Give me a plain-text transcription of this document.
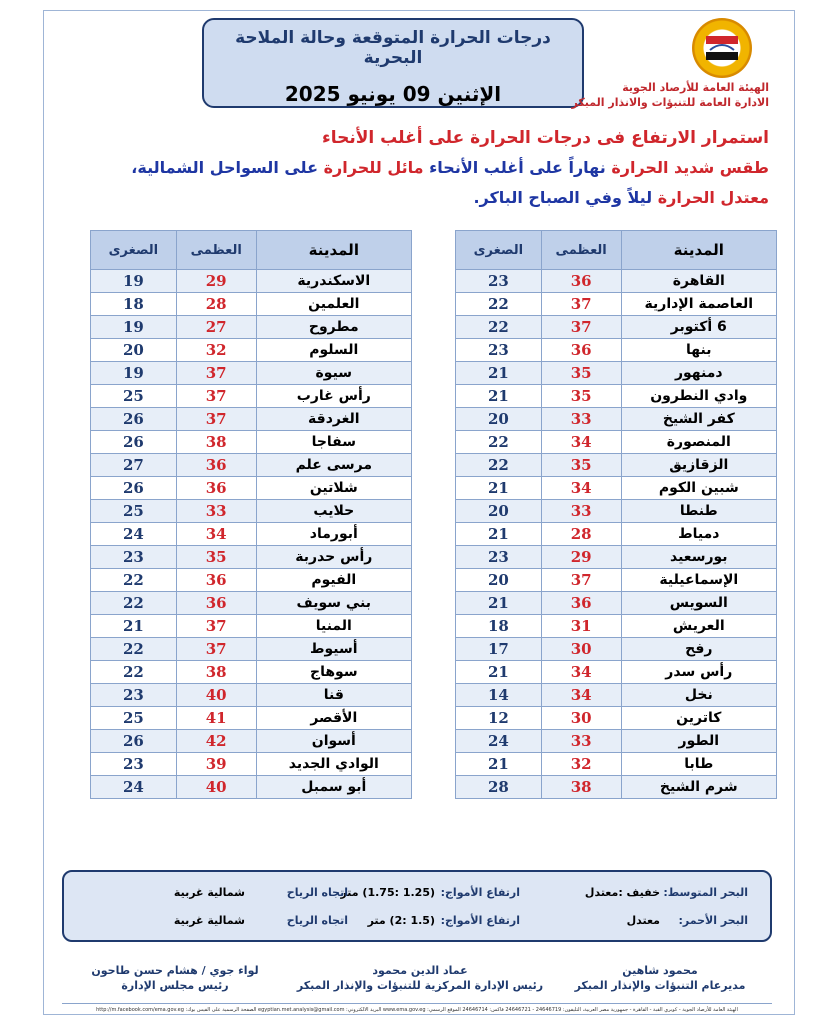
درجات الحرارة المتوقعة وحالة الملاحة البحرية
الإثنين 09 يونيو 2025	الهيئة العامة للأرصاد الجوية
الادارة العامة للتنبؤات والانذار المبكر
استمرار الارتفاع فى درجات الحرارة على أغلب الأنحاء
طقس شديد الحرارة نهاراً على أغلب الأنحاء مائل للحرارة على السواحل الشمالية،
معتدل الحرارة ليلاً وفي الصباح الباكر.
المدينة	العظمى	الصغرى
القاهرة	36	23
العاصمة الإدارية	37	22
6 أكتوبر	37	22
بنها	36	23
دمنهور	35	21
وادي النطرون	35	21
كفر الشيخ	33	20
المنصورة	34	22
الزقازيق	35	22
شبين الكوم	34	21
طنطا	33	20
دمياط	28	21
بورسعيد	29	23
الإسماعيلية	37	20
السويس	36	21
العريش	31	18
رفح	30	17
رأس سدر	34	21
نخل	34	14
كاترين	30	12
الطور	33	24
طابا	32	21
شرم الشيخ	38	28
المدينة	العظمى	الصغرى
الاسكندرية	29	19
العلمين	28	18
مطروح	27	19
السلوم	32	20
سيوة	37	19
رأس غارب	37	25
الغردقة	37	26
سفاجا	38	26
مرسى علم	36	27
شلاتين	36	26
حلايب	33	25
أبورماد	34	24
رأس حدربة	35	23
الفيوم	36	22
بني سويف	36	22
المنيا	37	21
أسيوط	37	22
سوهاج	38	22
قنا	40	23
الأقصر	41	25
أسوان	42	26
الوادي الجديد	39	23
أبو سمبل	40	24
البحر المتوسط:
خفيف :معتدل
ارتفاع الأمواج:
(1.25 :1.75) متر
اتجاه الرياح
شمالية غربية
البحر الأحمر:
معتدل
ارتفاع الأمواج:
(1.5 :2) متر
اتجاه الرياح
شمالية غربية
محمود شاهين
مديرعام التنبؤات والإنذار المبكر
عماد الدين محمود
رئيس الإدارة المركزية للتنبؤات والإنذار المبكر
لواء جوي / هشام حسن طاحون
رئيس مجلس الإدارة
الهيئة العامة للأرصاد الجوية - كوبري القبة - القاهرة - جمهورية مصر العربية، التليفون: 24646719 - 24646721 فاكس: 24646714 الموقع الرسمي: www.ema.gov.eg البريد الالكتروني: egyptian.met.analysis@gmail.com الصفحة الرسمية على الفيس بوك: http://m.facebook.com/ema.gov.eg
